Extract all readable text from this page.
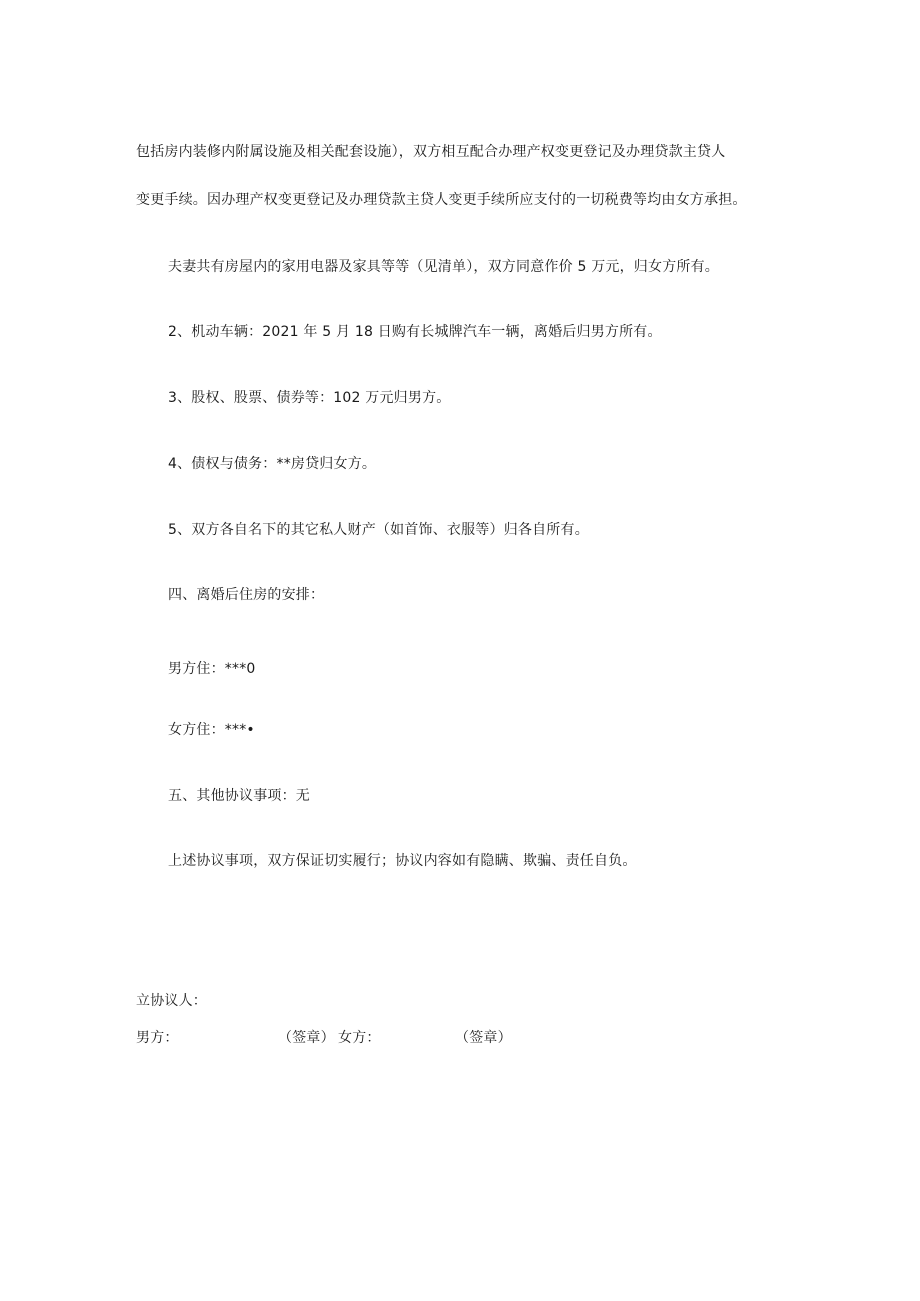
包括房内装修内附属设施及相关配套设施），双方相互配合办理产权变更登记及办理贷款主贷人
变更手续。因办理产权变更登记及办理贷款主贷人变更手续所应支付的一切税费等均由女方承担。
夫妻共有房屋内的家用电器及家具等等（见清单），双方同意作价 5 万元，归女方所有。
2、机动车辆：2021 年 5 月 18 日购有长城牌汽车一辆，离婚后归男方所有。
3、股权、股票、债券等：102 万元归男方。
4、债权与债务：**房贷归女方。
5、双方各自名下的其它私人财产（如首饰、衣服等）归各自所有。
四、离婚后住房的安排：
男方住：***0
女方住：***•
五、其他协议事项：无
上述协议事项，双方保证切实履行；协议内容如有隐瞒、欺骗、责任自负。
立协议人：
男方：	（签章） 女方：	（签章）
